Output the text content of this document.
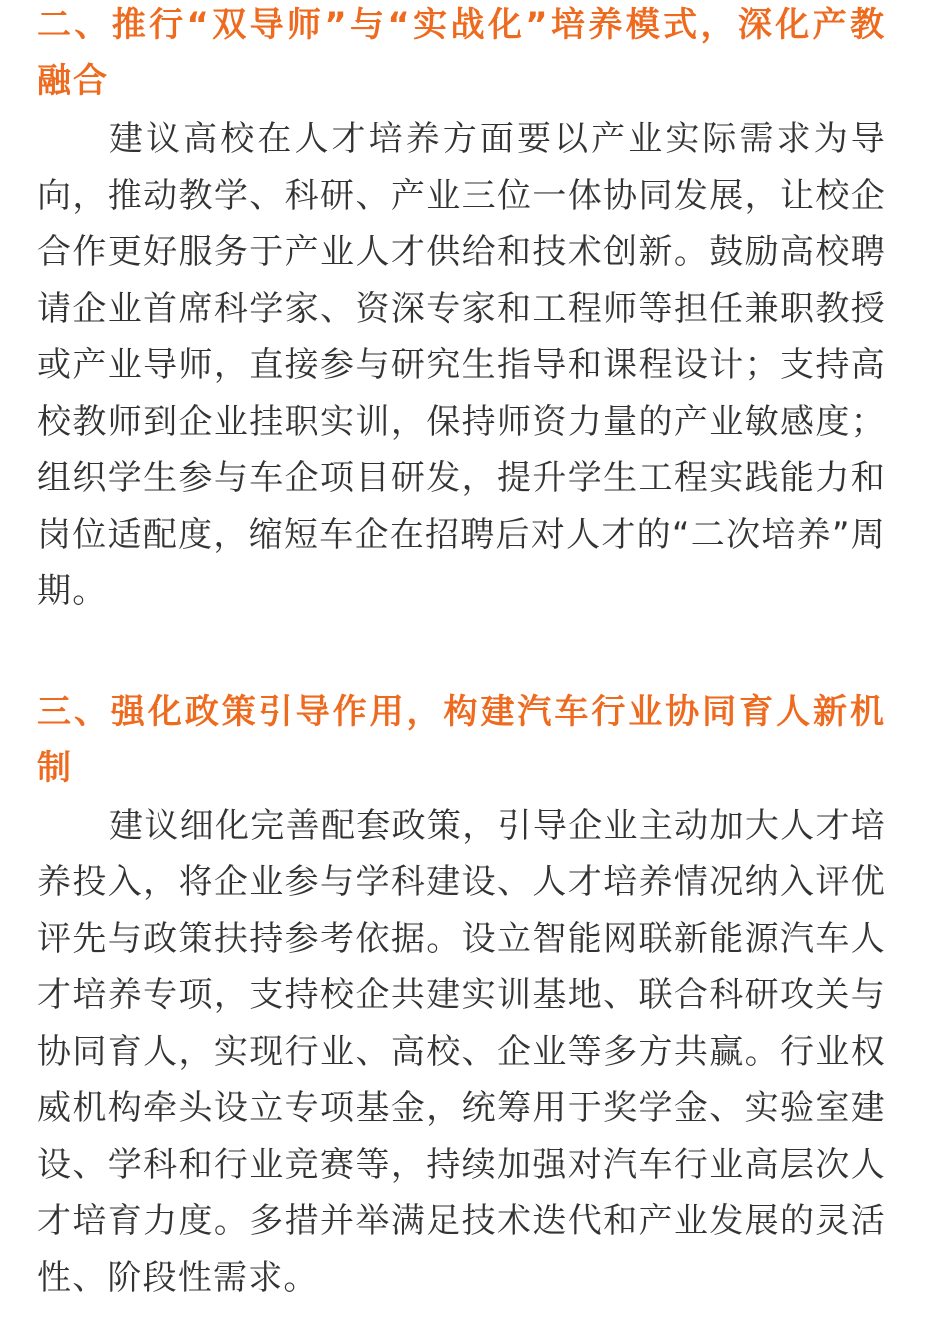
二、推行“双导师”与“实战化”培养模式，深化产教融合

建议高校在人才培养方面要以产业实际需求为导向，推动教学、科研、产业三位一体协同发展，让校企合作更好服务于产业人才供给和技术创新。鼓励高校聘请企业首席科学家、资深专家和工程师等担任兼职教授或产业导师，直接参与研究生指导和课程设计；支持高校教师到企业挂职实训，保持师资力量的产业敏感度；组织学生参与车企项目研发，提升学生工程实践能力和岗位适配度，缩短车企在招聘后对人才的“二次培养”周期。

三、强化政策引导作用，构建汽车行业协同育人新机制

建议细化完善配套政策，引导企业主动加大人才培养投入，将企业参与学科建设、人才培养情况纳入评优评先与政策扶持参考依据。设立智能网联新能源汽车人才培养专项，支持校企共建实训基地、联合科研攻关与协同育人，实现行业、高校、企业等多方共赢。行业权威机构牵头设立专项基金，统筹用于奖学金、实验室建设、学科和行业竞赛等，持续加强对汽车行业高层次人才培育力度。多措并举满足技术迭代和产业发展的灵活性、阶段性需求。
